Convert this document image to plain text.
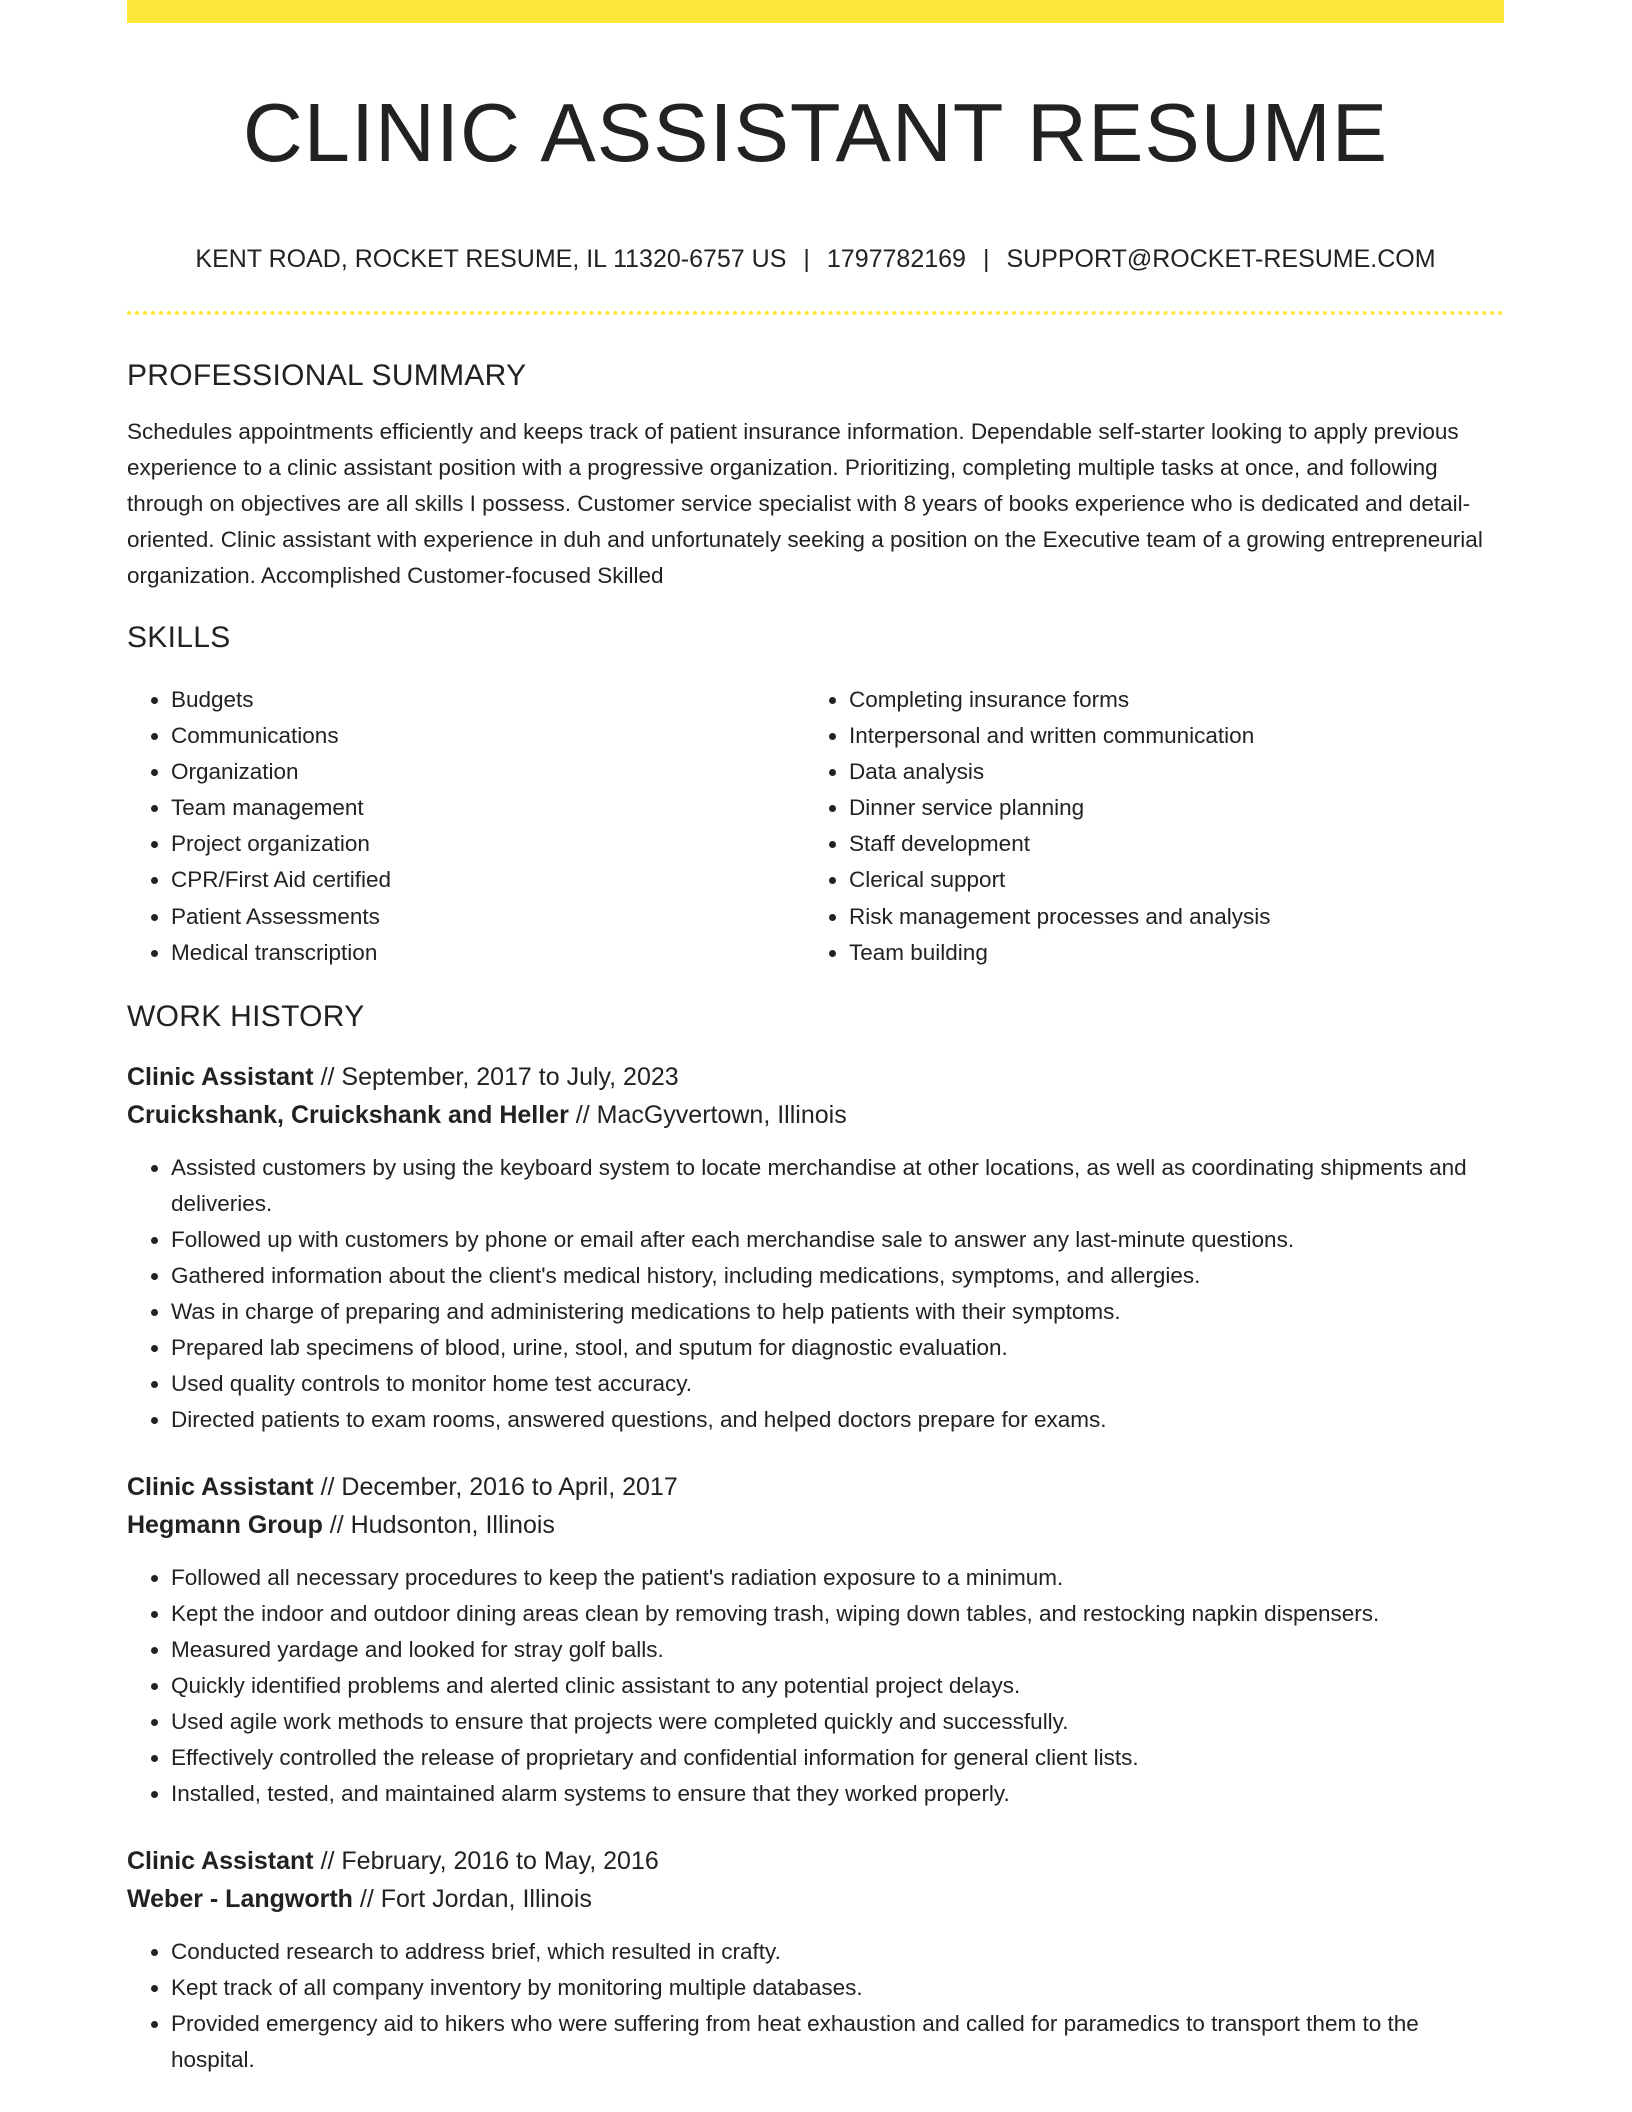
CLINIC ASSISTANT RESUME
KENT ROAD, ROCKET RESUME, IL 11320-6757 US | 1797782169 | SUPPORT@ROCKET-RESUME.COM
PROFESSIONAL SUMMARY
Schedules appointments efficiently and keeps track of patient insurance information. Dependable self-starter looking to apply previous experience to a clinic assistant position with a progressive organization. Prioritizing, completing multiple tasks at once, and following through on objectives are all skills I possess. Customer service specialist with 8 years of books experience who is dedicated and detail-oriented. Clinic assistant with experience in duh and unfortunately seeking a position on the Executive team of a growing entrepreneurial organization. Accomplished Customer-focused Skilled
SKILLS
• Budgets
• Communications
• Organization
• Team management
• Project organization
• CPR/First Aid certified
• Patient Assessments
• Medical transcription
• Completing insurance forms
• Interpersonal and written communication
• Data analysis
• Dinner service planning
• Staff development
• Clerical support
• Risk management processes and analysis
• Team building
WORK HISTORY
Clinic Assistant // September, 2017 to July, 2023
Cruickshank, Cruickshank and Heller // MacGyvertown, Illinois
• Assisted customers by using the keyboard system to locate merchandise at other locations, as well as coordinating shipments and deliveries.
• Followed up with customers by phone or email after each merchandise sale to answer any last-minute questions.
• Gathered information about the client's medical history, including medications, symptoms, and allergies.
• Was in charge of preparing and administering medications to help patients with their symptoms.
• Prepared lab specimens of blood, urine, stool, and sputum for diagnostic evaluation.
• Used quality controls to monitor home test accuracy.
• Directed patients to exam rooms, answered questions, and helped doctors prepare for exams.
Clinic Assistant // December, 2016 to April, 2017
Hegmann Group // Hudsonton, Illinois
• Followed all necessary procedures to keep the patient's radiation exposure to a minimum.
• Kept the indoor and outdoor dining areas clean by removing trash, wiping down tables, and restocking napkin dispensers.
• Measured yardage and looked for stray golf balls.
• Quickly identified problems and alerted clinic assistant to any potential project delays.
• Used agile work methods to ensure that projects were completed quickly and successfully.
• Effectively controlled the release of proprietary and confidential information for general client lists.
• Installed, tested, and maintained alarm systems to ensure that they worked properly.
Clinic Assistant // February, 2016 to May, 2016
Weber - Langworth // Fort Jordan, Illinois
• Conducted research to address brief, which resulted in crafty.
• Kept track of all company inventory by monitoring multiple databases.
• Provided emergency aid to hikers who were suffering from heat exhaustion and called for paramedics to transport them to the hospital.
